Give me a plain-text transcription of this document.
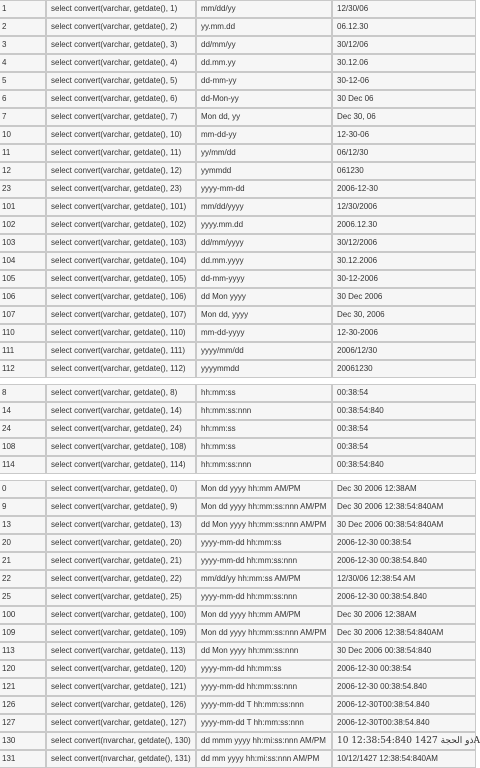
1	select convert(varchar, getdate(), 1)	mm/dd/yy	12/30/06
2	select convert(varchar, getdate(), 2)	yy.mm.dd	06.12.30
3	select convert(varchar, getdate(), 3)	dd/mm/yy	30/12/06
4	select convert(varchar, getdate(), 4)	dd.mm.yy	30.12.06
5	select convert(varchar, getdate(), 5)	dd-mm-yy	30-12-06
6	select convert(varchar, getdate(), 6)	dd-Mon-yy	30 Dec 06
7	select convert(varchar, getdate(), 7)	Mon dd, yy	Dec 30, 06
10	select convert(varchar, getdate(), 10)	mm-dd-yy	12-30-06
11	select convert(varchar, getdate(), 11)	yy/mm/dd	06/12/30
12	select convert(varchar, getdate(), 12)	yymmdd	061230
23	select convert(varchar, getdate(), 23)	yyyy-mm-dd	2006-12-30
101	select convert(varchar, getdate(), 101)	mm/dd/yyyy	12/30/2006
102	select convert(varchar, getdate(), 102)	yyyy.mm.dd	2006.12.30
103	select convert(varchar, getdate(), 103)	dd/mm/yyyy	30/12/2006
104	select convert(varchar, getdate(), 104)	dd.mm.yyyy	30.12.2006
105	select convert(varchar, getdate(), 105)	dd-mm-yyyy	30-12-2006
106	select convert(varchar, getdate(), 106)	dd Mon yyyy	30 Dec 2006
107	select convert(varchar, getdate(), 107)	Mon dd, yyyy	Dec 30, 2006
110	select convert(varchar, getdate(), 110)	mm-dd-yyyy	12-30-2006
111	select convert(varchar, getdate(), 111)	yyyy/mm/dd	2006/12/30
112	select convert(varchar, getdate(), 112)	yyyymmdd	20061230

8	select convert(varchar, getdate(), 8)	hh:mm:ss	00:38:54
14	select convert(varchar, getdate(), 14)	hh:mm:ss:nnn	00:38:54:840
24	select convert(varchar, getdate(), 24)	hh:mm:ss	00:38:54
108	select convert(varchar, getdate(), 108)	hh:mm:ss	00:38:54
114	select convert(varchar, getdate(), 114)	hh:mm:ss:nnn	00:38:54:840

0	select convert(varchar, getdate(), 0)	Mon dd yyyy hh:mm AM/PM	Dec 30 2006 12:38AM
9	select convert(varchar, getdate(), 9)	Mon dd yyyy hh:mm:ss:nnn AM/PM	Dec 30 2006 12:38:54:840AM
13	select convert(varchar, getdate(), 13)	dd Mon yyyy hh:mm:ss:nnn AM/PM	30 Dec 2006 00:38:54:840AM
20	select convert(varchar, getdate(), 20)	yyyy-mm-dd hh:mm:ss	2006-12-30 00:38:54
21	select convert(varchar, getdate(), 21)	yyyy-mm-dd hh:mm:ss:nnn	2006-12-30 00:38:54.840
22	select convert(varchar, getdate(), 22)	mm/dd/yy hh:mm:ss AM/PM	12/30/06 12:38:54 AM
25	select convert(varchar, getdate(), 25)	yyyy-mm-dd hh:mm:ss:nnn	2006-12-30 00:38:54.840
100	select convert(varchar, getdate(), 100)	Mon dd yyyy hh:mm AM/PM	Dec 30 2006 12:38AM
109	select convert(varchar, getdate(), 109)	Mon dd yyyy hh:mm:ss:nnn AM/PM	Dec 30 2006 12:38:54:840AM
113	select convert(varchar, getdate(), 113)	dd Mon yyyy hh:mm:ss:nnn	30 Dec 2006 00:38:54:840
120	select convert(varchar, getdate(), 120)	yyyy-mm-dd hh:mm:ss	2006-12-30 00:38:54
121	select convert(varchar, getdate(), 121)	yyyy-mm-dd hh:mm:ss:nnn	2006-12-30 00:38:54.840
126	select convert(varchar, getdate(), 126)	yyyy-mm-dd T hh:mm:ss:nnn	2006-12-30T00:38:54.840
127	select convert(varchar, getdate(), 127)	yyyy-mm-dd T hh:mm:ss:nnn	2006-12-30T00:38:54.840
130	select convert(nvarchar, getdate(), 130)	dd mmm yyyy hh:mi:ss:nnn AM/PM	10 ذو الحجة 1427 12:38:54:840A
131	select convert(nvarchar, getdate(), 131)	dd mm yyyy hh:mi:ss:nnn AM/PM	10/12/1427 12:38:54:840AM
